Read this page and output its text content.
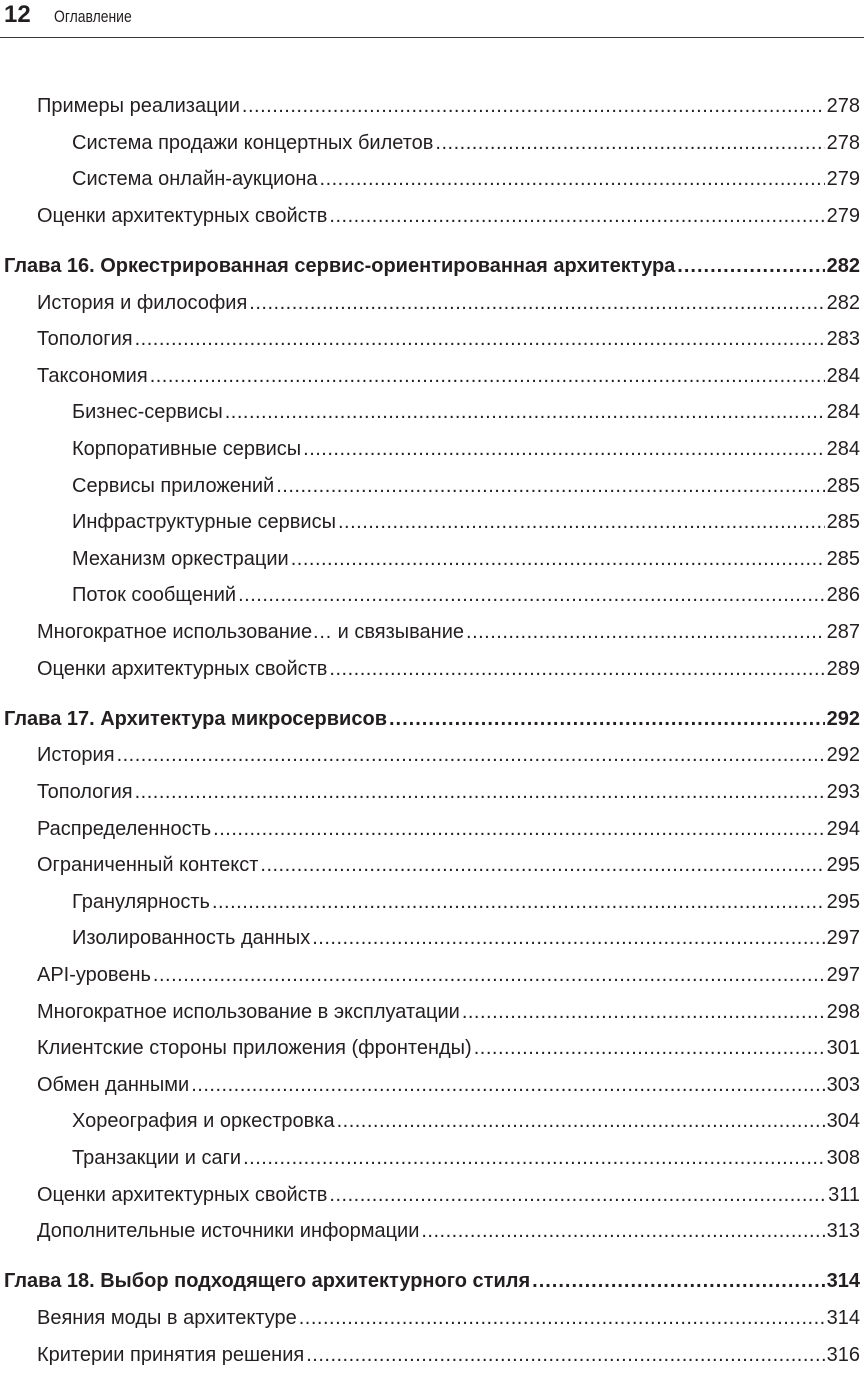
12 Оглавление
Примеры реализации .....	278
Система продажи концертных билетов .....	278
Система онлайн-аукциона .....	279
Оценки архитектурных свойств .....	279
Глава 16. Оркестрированная сервис-ориентированная архитектура .....	282
История и философия .....	282
Топология .....	283
Таксономия .....	284
Бизнес-сервисы .....	284
Корпоративные сервисы .....	284
Сервисы приложений .....	285
Инфраструктурные сервисы .....	285
Механизм оркестрации .....	285
Поток сообщений .....	286
Многократное использование… и связывание .....	287
Оценки архитектурных свойств .....	289
Глава 17. Архитектура микросервисов .....	292
История .....	292
Топология .....	293
Распределенность .....	294
Ограниченный контекст .....	295
Гранулярность .....	295
Изолированность данных .....	297
API-уровень .....	297
Многократное использование в эксплуатации .....	298
Клиентские стороны приложения (фронтенды) .....	301
Обмен данными .....	303
Хореография и оркестровка .....	304
Транзакции и саги .....	308
Оценки архитектурных свойств .....	311
Дополнительные источники информации .....	313
Глава 18. Выбор подходящего архитектурного стиля .....	314
Веяния моды в архитектуре .....	314
Критерии принятия решения .....	316
